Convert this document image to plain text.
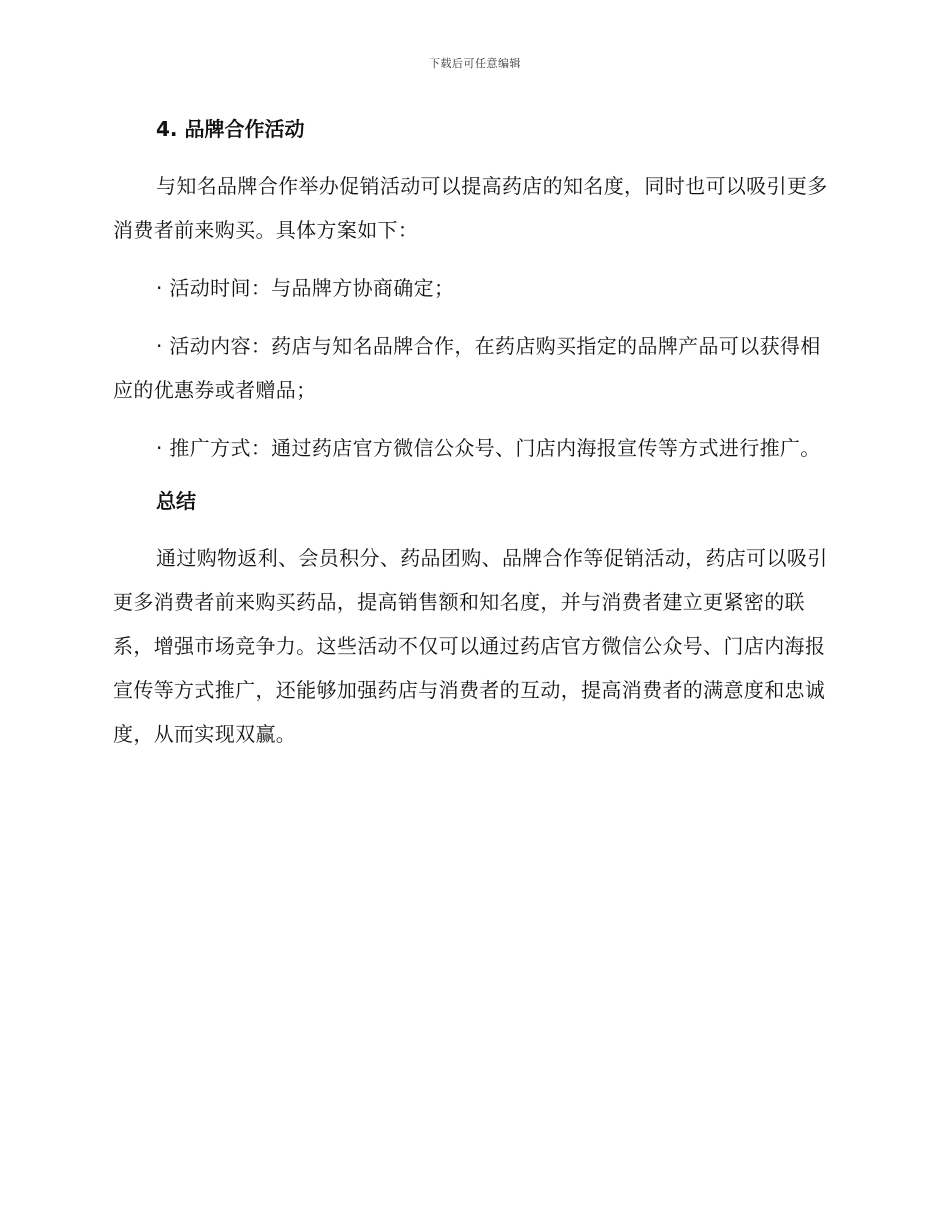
下载后可任意编辑
4. 品牌合作活动

与知名品牌合作举办促销活动可以提高药店的知名度，同时也可以吸引更多消费者前来购买。具体方案如下：

· 活动时间：与品牌方协商确定；

· 活动内容：药店与知名品牌合作，在药店购买指定的品牌产品可以获得相应的优惠券或者赠品；

· 推广方式：通过药店官方微信公众号、门店内海报宣传等方式进行推广。

总结

通过购物返利、会员积分、药品团购、品牌合作等促销活动，药店可以吸引更多消费者前来购买药品，提高销售额和知名度，并与消费者建立更紧密的联系，增强市场竞争力。这些活动不仅可以通过药店官方微信公众号、门店内海报宣传等方式推广，还能够加强药店与消费者的互动，提高消费者的满意度和忠诚度，从而实现双赢。
